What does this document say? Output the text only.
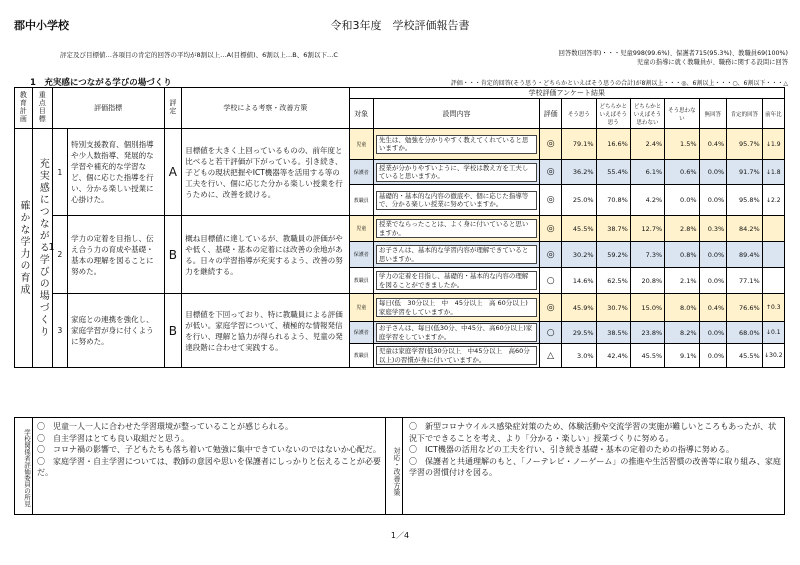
郡中小学校	令和3年度　学校評価報告書
評定及び目標値…各項目の肯定的回答の平均が8割以上…A(目標値)、6割以上…B、6割以下…C	回答数(回答率)・・・児童998(99.6%)、保護者715(95.3%)、教職員69(100%)
児童の指導に就く教職員が、職務に関する設問に回答
1　充実感につながる学びの場づくり	評価・・・肯定的回答(そう思う・どちらかといえばそう思うの合計)が8割以上・・・◎、6割以上・・・○、6割以下・・・△
教育計画	重点目標	評価指標		評定	学校による考察・改善方策	学校評価アンケート結果									
						対象	設問内容	評価	そう思う	どちらかといえばそう思う	どちらかといえばそう思わない	そう思わない	無回答	肯定的回答	前年比

1

確かな学力の育成	充実感につながる学びの場づくり	1	特別支援教育、個別指導や少人数指導、発展的な学習や補充的な学習など、個に応じた指導を行い、分かる楽しい授業に心掛けた。	A	目標値を大きく上回っているものの、前年度と比べると若干評価が下がっている。引き続き、子どもの現状把握やICT機器等を活用する等の工夫を行い、個に応じた分かる楽しい授業を行うために、改善を続ける。	児童	先生は、勉強を分かりやすく教えてくれていると思いますか。	◎	79.1%	16.6%	2.4%	1.5%	0.4%	95.7%	↓1.9
						保護者	授業が分かりやすいように、学校は教え方を工夫していると思いますか。	◎	36.2%	55.4%	6.1%	0.6%	0.0%	91.7%	↓1.8
						教職員	基礎的・基本的な内容の徹底や、個に応じた指導等で、分かる楽しい授業に努めていますか。	◎	25.0%	70.8%	4.2%	0.0%	0.0%	95.8%	↓2.2
		2	学力の定着を目指し、伝え合う力の育成や基礎・基本の理解を図ることに努めた。	B	概ね目標値に達しているが、教職員の評価がやや低く、基礎・基本の定着には改善の余地がある。日々の学習指導が充実するよう、改善の努力を継続する。	児童	授業でならったことは、よく身に付いていると思いますか。	◎	45.5%	38.7%	12.7%	2.8%	0.3%	84.2%	
						保護者	お子さんは、基本的な学習内容が理解できていると思いますか。	◎	30.2%	59.2%	7.3%	0.8%	0.0%	89.4%	
						教職員	学力の定着を目指し、基礎的・基本的な内容の理解を図ることができましたか。	○	14.6%	62.5%	20.8%	2.1%	0.0%	77.1%	
		3	家庭との連携を強化し、家庭学習が身に付くように努めた。	B	目標値を下回っており、特に教職員による評価が低い。家庭学習について、積極的な情報発信を行い、理解と協力が得られるよう、児童の発達段階に合わせて実践する。	児童	毎日(低　30分以上　中　45分以上　高 60分以上)家庭学習をしていますか。	◎	45.9%	30.7%	15.0%	8.0%	0.4%	76.6%	↑0.3
						保護者	お子さんは、毎日(低30分、中45分、高60分以上)家庭学習をしていますか。	○	29.5%	38.5%	23.8%	8.2%	0.0%	68.0%	↓0.1
						教職員	児童は家庭学習(低30分以上　中45分以上　高60分以上)の習慣が身に付いていますか。	△	3.0%	42.4%	45.5%	9.1%	0.0%	45.5%	↓30.2
学校関係者評価委員の所見
〇　児童一人一人に合わせた学習環境が整っていることが感じられる。
〇　自主学習はとても良い取組だと思う。
〇　コロナ禍の影響で、子どもたちも落ち着いて勉強に集中できていないのではないか心配だ。
〇　家庭学習・自主学習については、教師の意図や思いを保護者にしっかりと伝えることが必要だ。	対応・改善方策
〇　新型コロナウイルス感染症対策のため、体験活動や交流学習の実施が難しいところもあったが、状況下でできることを考え、より「分かる・楽しい」授業づくりに努める。
〇　ICT機器の活用などの工夫を行い、引き続き基礎・基本の定着のための指導に努める。
〇　保護者と共通理解のもと、「ノーテレビ・ノーゲーム」の推進や生活習慣の改善等に取り組み、家庭学習の習慣付けを図る。
1／4
